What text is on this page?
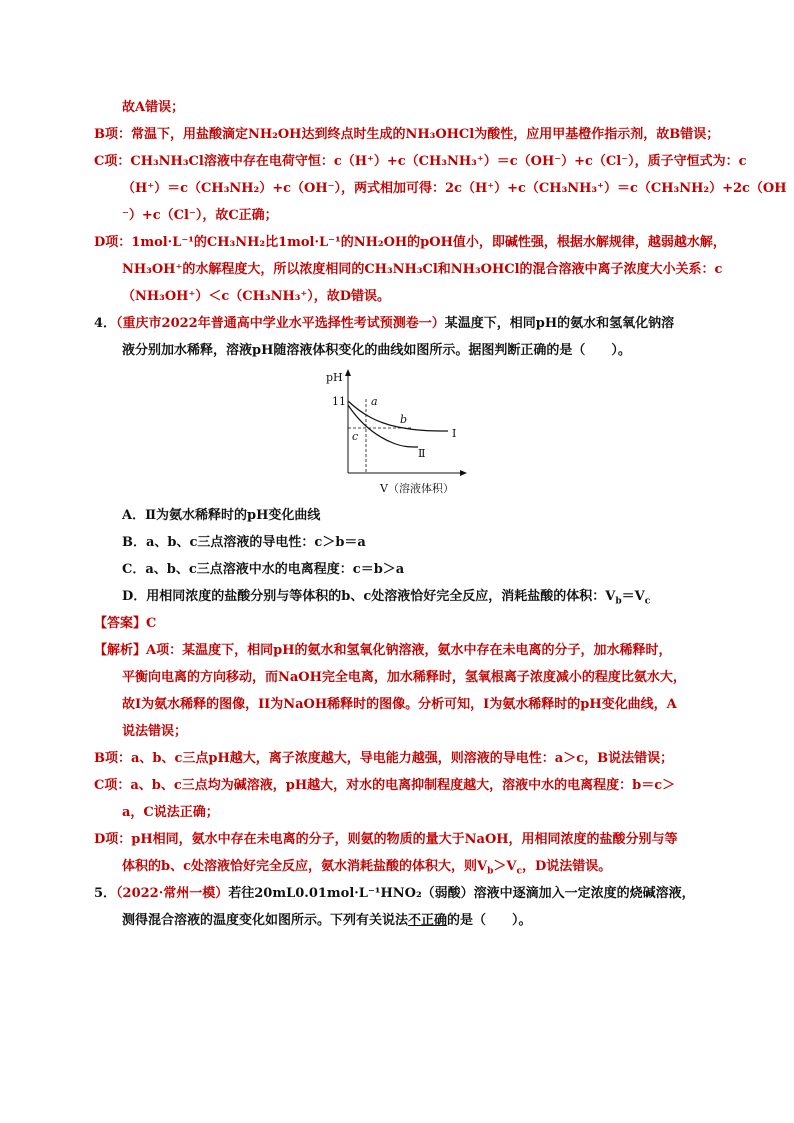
故A错误；
B项：常温下，用盐酸滴定NH₂OH达到终点时生成的NH₃OHCl为酸性，应用甲基橙作指示剂，故B错误；
C项：CH₃NH₃Cl溶液中存在电荷守恒：c（H⁺）+c（CH₃NH₃⁺）＝c（OH⁻）+c（Cl⁻），质子守恒式为：c
（H⁺）＝c（CH₃NH₂）+c（OH⁻），两式相加可得：2c（H⁺）+c（CH₃NH₃⁺）＝c（CH₃NH₂）+2c（OH
⁻）+c（Cl⁻），故C正确；
D项：1mol·L⁻¹的CH₃NH₂比1mol·L⁻¹的NH₂OH的pOH值小，即碱性强，根据水解规律，越弱越水解，
NH₃OH⁺的水解程度大，所以浓度相同的CH₃NH₃Cl和NH₃OHCl的混合溶液中离子浓度大小关系：c
（NH₃OH⁺）＜c（CH₃NH₃⁺），故D错误。
4．（重庆市2022年普通高中学业水平选择性考试预测卷一）某温度下，相同pH的氨水和氢氧化钠溶
液分别加水稀释，溶液pH随溶液体积变化的曲线如图所示。据图判断正确的是（　　）。
pH
11 a
b
c	Ⅰ
Ⅱ
V（溶液体积）
A．Ⅱ为氨水稀释时的pH变化曲线
B．a、b、c三点溶液的导电性：c＞b＝a
C．a、b、c三点溶液中水的电离程度：c＝b＞a
D．用相同浓度的盐酸分别与等体积的b、c处溶液恰好完全反应，消耗盐酸的体积：$V_b=V_c$
【答案】C
【解析】A项：某温度下，相同pH的氨水和氢氧化钠溶液，氨水中存在未电离的分子，加水稀释时，
平衡向电离的方向移动，而NaOH完全电离，加水稀释时，氢氧根离子浓度减小的程度比氨水大，
故I为氨水稀释的图像，II为NaOH稀释时的图像。分析可知，Ⅰ为氨水稀释时的pH变化曲线，A
说法错误；
B项：a、b、c三点pH越大，离子浓度越大，导电能力越强，则溶液的导电性：a＞c，B说法错误；
C项：a、b、c三点均为碱溶液，pH越大，对水的电离抑制程度越大，溶液中水的电离程度：b＝c＞
a，C说法正确；
D项：pH相同，氨水中存在未电离的分子，则氨的物质的量大于NaOH，用相同浓度的盐酸分别与等
体积的b、c处溶液恰好完全反应，氨水消耗盐酸的体积大，则$V_b>V_c$，D说法错误。
5．（2022·常州一模）若往20mL0.01mol·L⁻¹HNO₂（弱酸）溶液中逐滴加入一定浓度的烧碱溶液，
测得混合溶液的温度变化如图所示。下列有关说法不正确的是（　　）。
